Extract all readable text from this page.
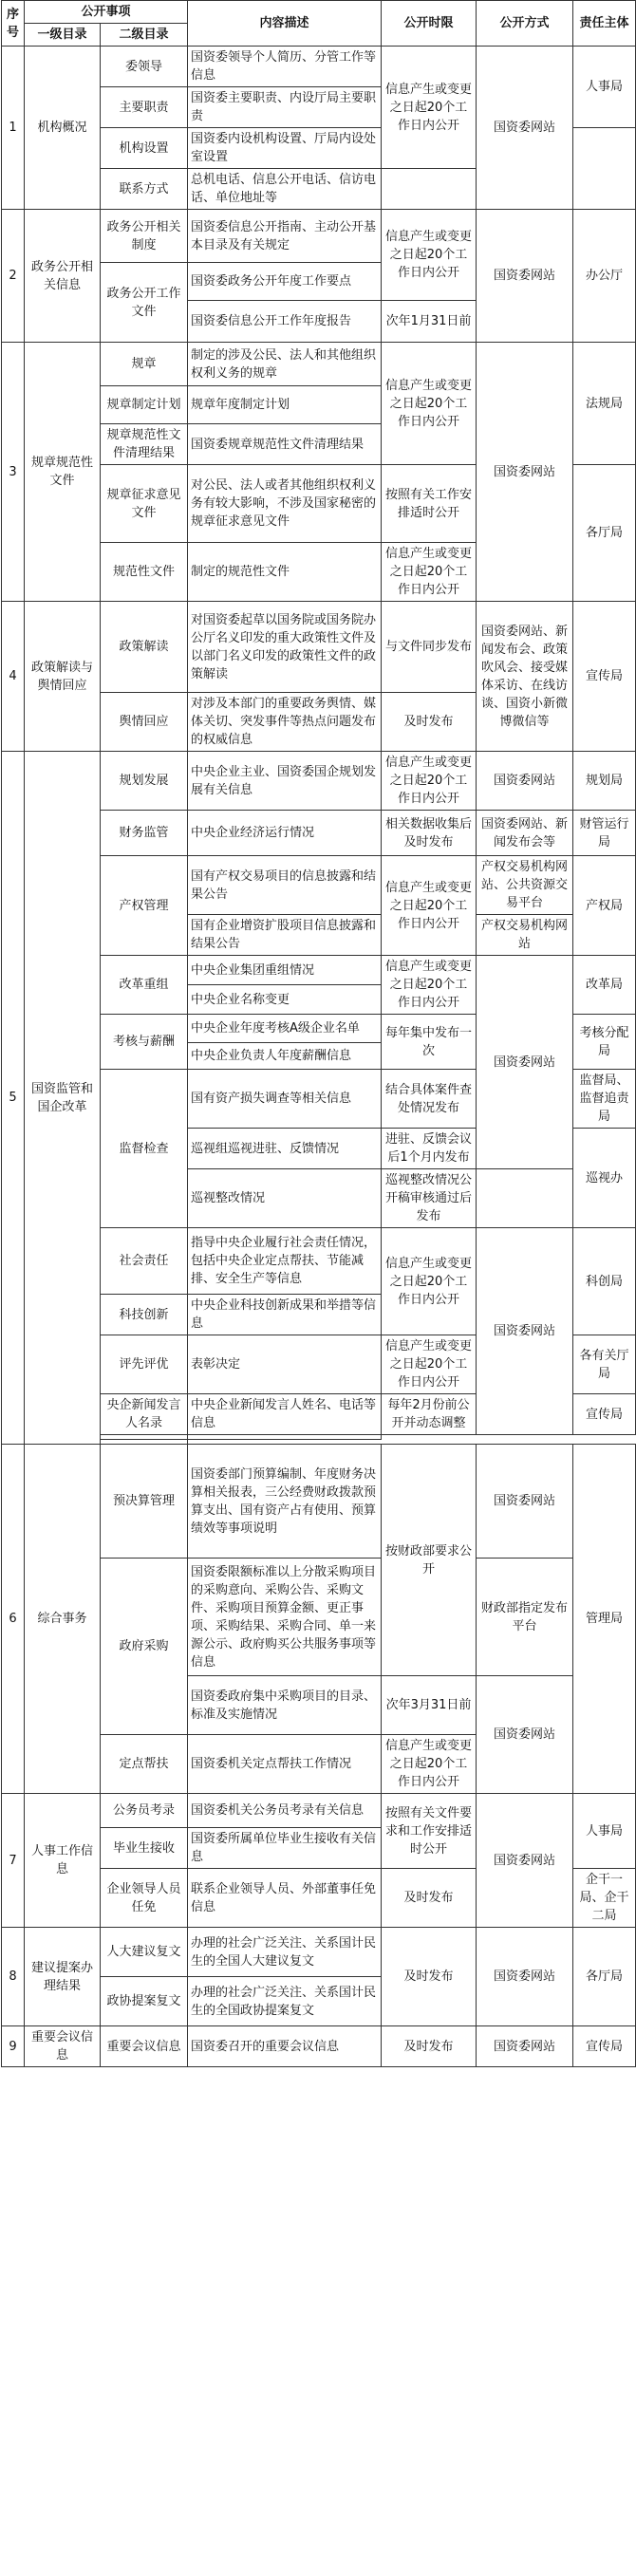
序号	公开事项		内容描述	公开时限	公开方式	责任主体
	一级目录	二级目录				
1	机构概况	委领导	国资委领导个人简历、分管工作等信息	信息产生或变更之日起20个工作日内公开	国资委网站	人事局
		主要职责	国资委主要职责、内设厅局主要职责			
		机构设置	国资委内设机构设置、厅局内设处室设置			
		联系方式	总机电话、信息公开电话、信访电话、单位地址等			
2	政务公开相关信息	政务公开相关制度	国资委信息公开指南、主动公开基本目录及有关规定	信息产生或变更之日起20个工作日内公开	国资委网站	办公厅
		政务公开工作文件	国资委政务公开年度工作要点			
			国资委信息公开工作年度报告	次年1月31日前		
3	规章规范性文件	规章	制定的涉及公民、法人和其他组织权利义务的规章	信息产生或变更之日起20个工作日内公开	国资委网站	法规局
		规章制定计划	规章年度制定计划			
		规章规范性文件清理结果	国资委规章规范性文件清理结果			
		规章征求意见文件	对公民、法人或者其他组织权利义务有较大影响，不涉及国家秘密的规章征求意见文件	按照有关工作安排适时公开		各厅局
		规范性文件	制定的规范性文件	信息产生或变更之日起20个工作日内公开		
4	政策解读与舆情回应	政策解读	对国资委起草以国务院或国务院办公厅名义印发的重大政策性文件及以部门名义印发的政策性文件的政策解读	与文件同步发布	国资委网站、新闻发布会、政策吹风会、接受媒体采访、在线访谈、国资小新微博微信等	宣传局
		舆情回应	对涉及本部门的重要政务舆情、媒体关切、突发事件等热点问题发布的权威信息	及时发布		
5	国资监管和国企改革	规划发展	中央企业主业、国资委国企规划发展有关信息	信息产生或变更之日起20个工作日内公开	国资委网站	规划局
		财务监管	中央企业经济运行情况	相关数据收集后及时发布	国资委网站、新闻发布会等	财管运行局
		产权管理	国有产权交易项目的信息披露和结果公告	信息产生或变更之日起20个工作日内公开	产权交易机构网站、公共资源交易平台	产权局
			国有企业增资扩股项目信息披露和结果公告		产权交易机构网站	
		改革重组	中央企业集团重组情况	信息产生或变更之日起20个工作日内公开	国资委网站	改革局
			中央企业名称变更			
		考核与薪酬	中央企业年度考核A级企业名单	每年集中发布一次		考核分配局
			中央企业负责人年度薪酬信息			
		监督检查	国有资产损失调查等相关信息	结合具体案件查处情况发布		监督局、监督追责局
			巡视组巡视进驻、反馈情况	进驻、反馈会议后1个月内发布		巡视办
			巡视整改情况	巡视整改情况公开稿审核通过后发布		
		社会责任	指导中央企业履行社会责任情况，包括中央企业定点帮扶、节能减排、安全生产等信息	信息产生或变更之日起20个工作日内公开	国资委网站	科创局
		科技创新	中央企业科技创新成果和举措等信息			
		评先评优	表彰决定	信息产生或变更之日起20个工作日内公开		各有关厅局
		央企新闻发言人名录	中央企业新闻发言人姓名、电话等信息	每年2月份前公开并动态调整		宣传局

6	综合事务	预决算管理	国资委部门预算编制、年度财务决算相关报表，三公经费财政拨款预算支出、国有资产占有使用、预算绩效等事项说明	按财政部要求公开	国资委网站	管理局
		政府采购	国资委限额标准以上分散采购项目的采购意向、采购公告、采购文件、采购项目预算金额、更正事项、采购结果、采购合同、单一来源公示、政府购买公共服务事项等信息		财政部指定发布平台	
			国资委政府集中采购项目的目录、标准及实施情况	次年3月31日前	国资委网站	
		定点帮扶	国资委机关定点帮扶工作情况	信息产生或变更之日起20个工作日内公开		
7	人事工作信息	公务员考录	国资委机关公务员考录有关信息	按照有关文件要求和工作安排适时公开	国资委网站	人事局
		毕业生接收	国资委所属单位毕业生接收有关信息			
		企业领导人员任免	联系企业领导人员、外部董事任免信息	及时发布		企干一局、企干二局
8	建议提案办理结果	人大建议复文	办理的社会广泛关注、关系国计民生的全国人大建议复文	及时发布	国资委网站	各厅局
		政协提案复文	办理的社会广泛关注、关系国计民生的全国政协提案复文			
9	重要会议信息	重要会议信息	国资委召开的重要会议信息	及时发布	国资委网站	宣传局
